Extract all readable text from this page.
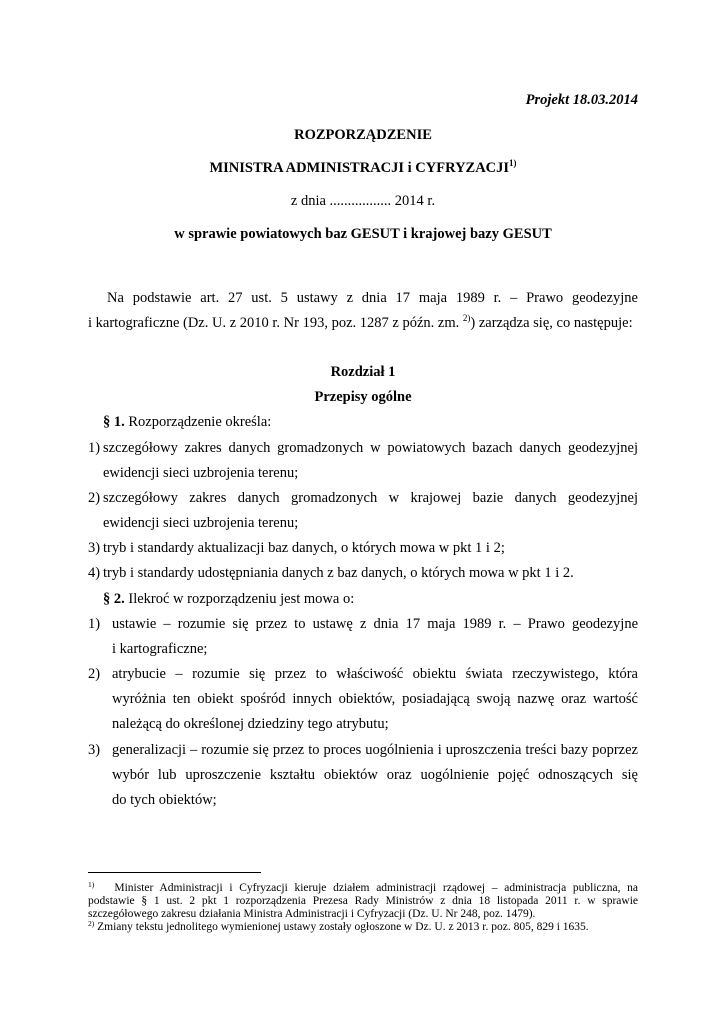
Projekt 18.03.2014
ROZPORZĄDZENIE
MINISTRA ADMINISTRACJI i CYFRYZACJI$^{1)}$
z dnia ................. 2014 r.
w sprawie powiatowych baz GESUT i krajowej bazy GESUT
Na podstawie art. 27 ust. 5 ustawy z dnia 17 maja 1989 r. – Prawo geodezyjne
i kartograficzne (Dz. U. z 2010 r. Nr 193, poz. 1287 z późn. zm. $^{2)}$) zarządza się, co następuje:
Rozdział 1
Przepisy ogólne
§ 1. Rozporządzenie określa:
1) szczegółowy zakres danych gromadzonych w powiatowych bazach danych geodezyjnej
ewidencji sieci uzbrojenia terenu;
2) szczegółowy zakres danych gromadzonych w krajowej bazie danych geodezyjnej
ewidencji sieci uzbrojenia terenu;
3) tryb i standardy aktualizacji baz danych, o których mowa w pkt 1 i 2;
4) tryb i standardy udostępniania danych z baz danych, o których mowa w pkt 1 i 2.
§ 2. Ilekroć w rozporządzeniu jest mowa o:
1) ustawie – rozumie się przez to ustawę z dnia 17 maja 1989 r. – Prawo geodezyjne
i kartograficzne;
2) atrybucie – rozumie się przez to właściwość obiektu świata rzeczywistego, która
wyróżnia ten obiekt spośród innych obiektów, posiadającą swoją nazwę oraz wartość
należącą do określonej dziedziny tego atrybutu;
3) generalizacji – rozumie się przez to proces uogólnienia i uproszczenia treści bazy poprzez
wybór lub uproszczenie kształtu obiektów oraz uogólnienie pojęć odnoszących się
do tych obiektów;
$^{1)}$ Minister Administracji i Cyfryzacji kieruje działem administracji rządowej – administracja publiczna, na
podstawie § 1 ust. 2 pkt 1 rozporządzenia Prezesa Rady Ministrów z dnia 18 listopada 2011 r. w sprawie
szczegółowego zakresu działania Ministra Administracji i Cyfryzacji (Dz. U. Nr 248, poz. 1479).
$^{2)}$ Zmiany tekstu jednolitego wymienionej ustawy zostały ogłoszone w Dz. U. z 2013 r. poz. 805, 829 i 1635.
